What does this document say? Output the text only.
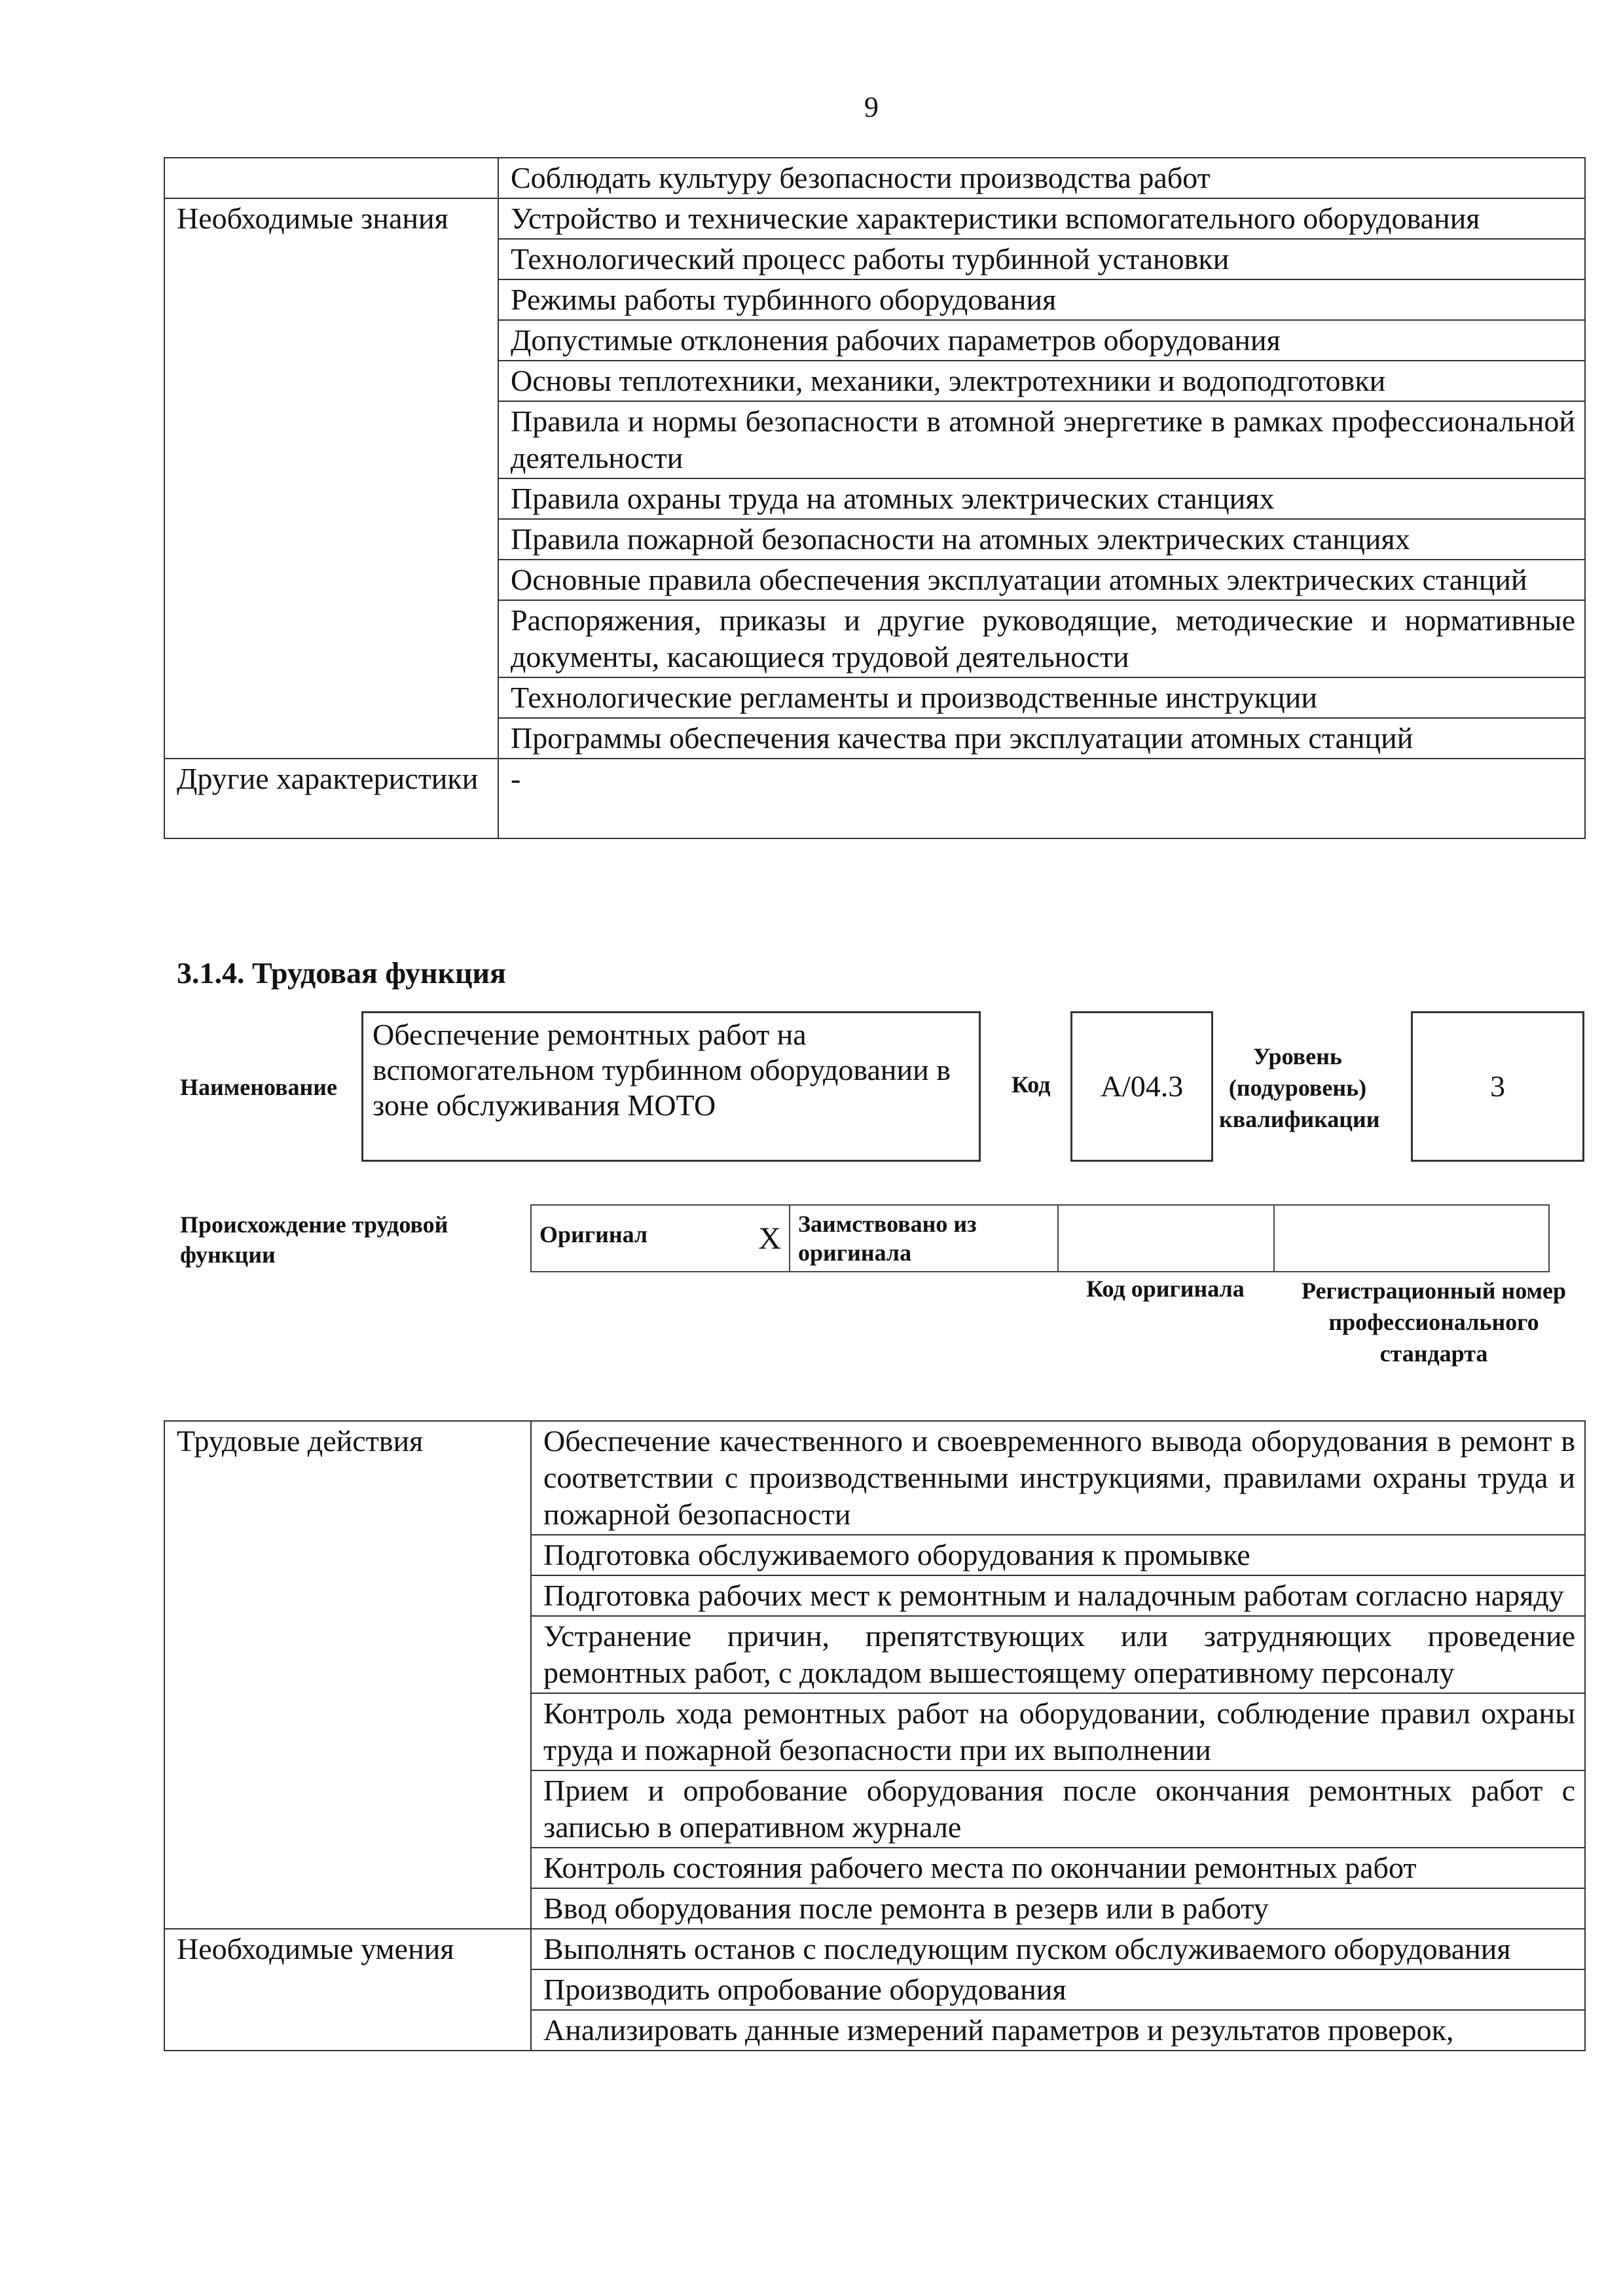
9
	Соблюдать культуру безопасности производства работ
Необходимые знания	Устройство и технические характеристики вспомогательного оборудования
	Технологический процесс работы турбинной установки
	Режимы работы турбинного оборудования
	Допустимые отклонения рабочих параметров оборудования
	Основы теплотехники, механики, электротехники и водоподготовки
	Правила и нормы безопасности в атомной энергетике в рамках профессиональной деятельности
	Правила охраны труда на атомных электрических станциях
	Правила пожарной безопасности на атомных электрических станциях
	Основные правила обеспечения эксплуатации атомных электрических станций
	Распоряжения, приказы и другие руководящие, методические и нормативные документы, касающиеся трудовой деятельности
	Технологические регламенты и производственные инструкции
	Программы обеспечения качества при эксплуатации атомных станций
Другие характеристики	-
3.1.4. Трудовая функция
Наименование
Обеспечение ремонтных работ на вспомогательном турбинном оборудовании в зоне обслуживания МОТО
Код	А/04.3
Уровень (подуровень) квалификации
3
Происхождение трудовой функции
Оригинал	X	Заимствовано из оригинала		
Код оригинала	Регистрационный номер профессионального стандарта
Трудовые действия	Обеспечение качественного и своевременного вывода оборудования в ремонт в соответствии с производственными инструкциями, правилами охраны труда и пожарной безопасности
	Подготовка обслуживаемого оборудования к промывке
	Подготовка рабочих мест к ремонтным и наладочным работам согласно наряду
	Устранение причин, препятствующих или затрудняющих проведение ремонтных работ, с докладом вышестоящему оперативному персоналу
	Контроль хода ремонтных работ на оборудовании, соблюдение правил охраны труда и пожарной безопасности при их выполнении
	Прием и опробование оборудования после окончания ремонтных работ с записью в оперативном журнале
	Контроль состояния рабочего места по окончании ремонтных работ
	Ввод оборудования после ремонта в резерв или в работу
Необходимые умения	Выполнять останов с последующим пуском обслуживаемого оборудования
	Производить опробование оборудования
	Анализировать данные измерений параметров и результатов проверок,
